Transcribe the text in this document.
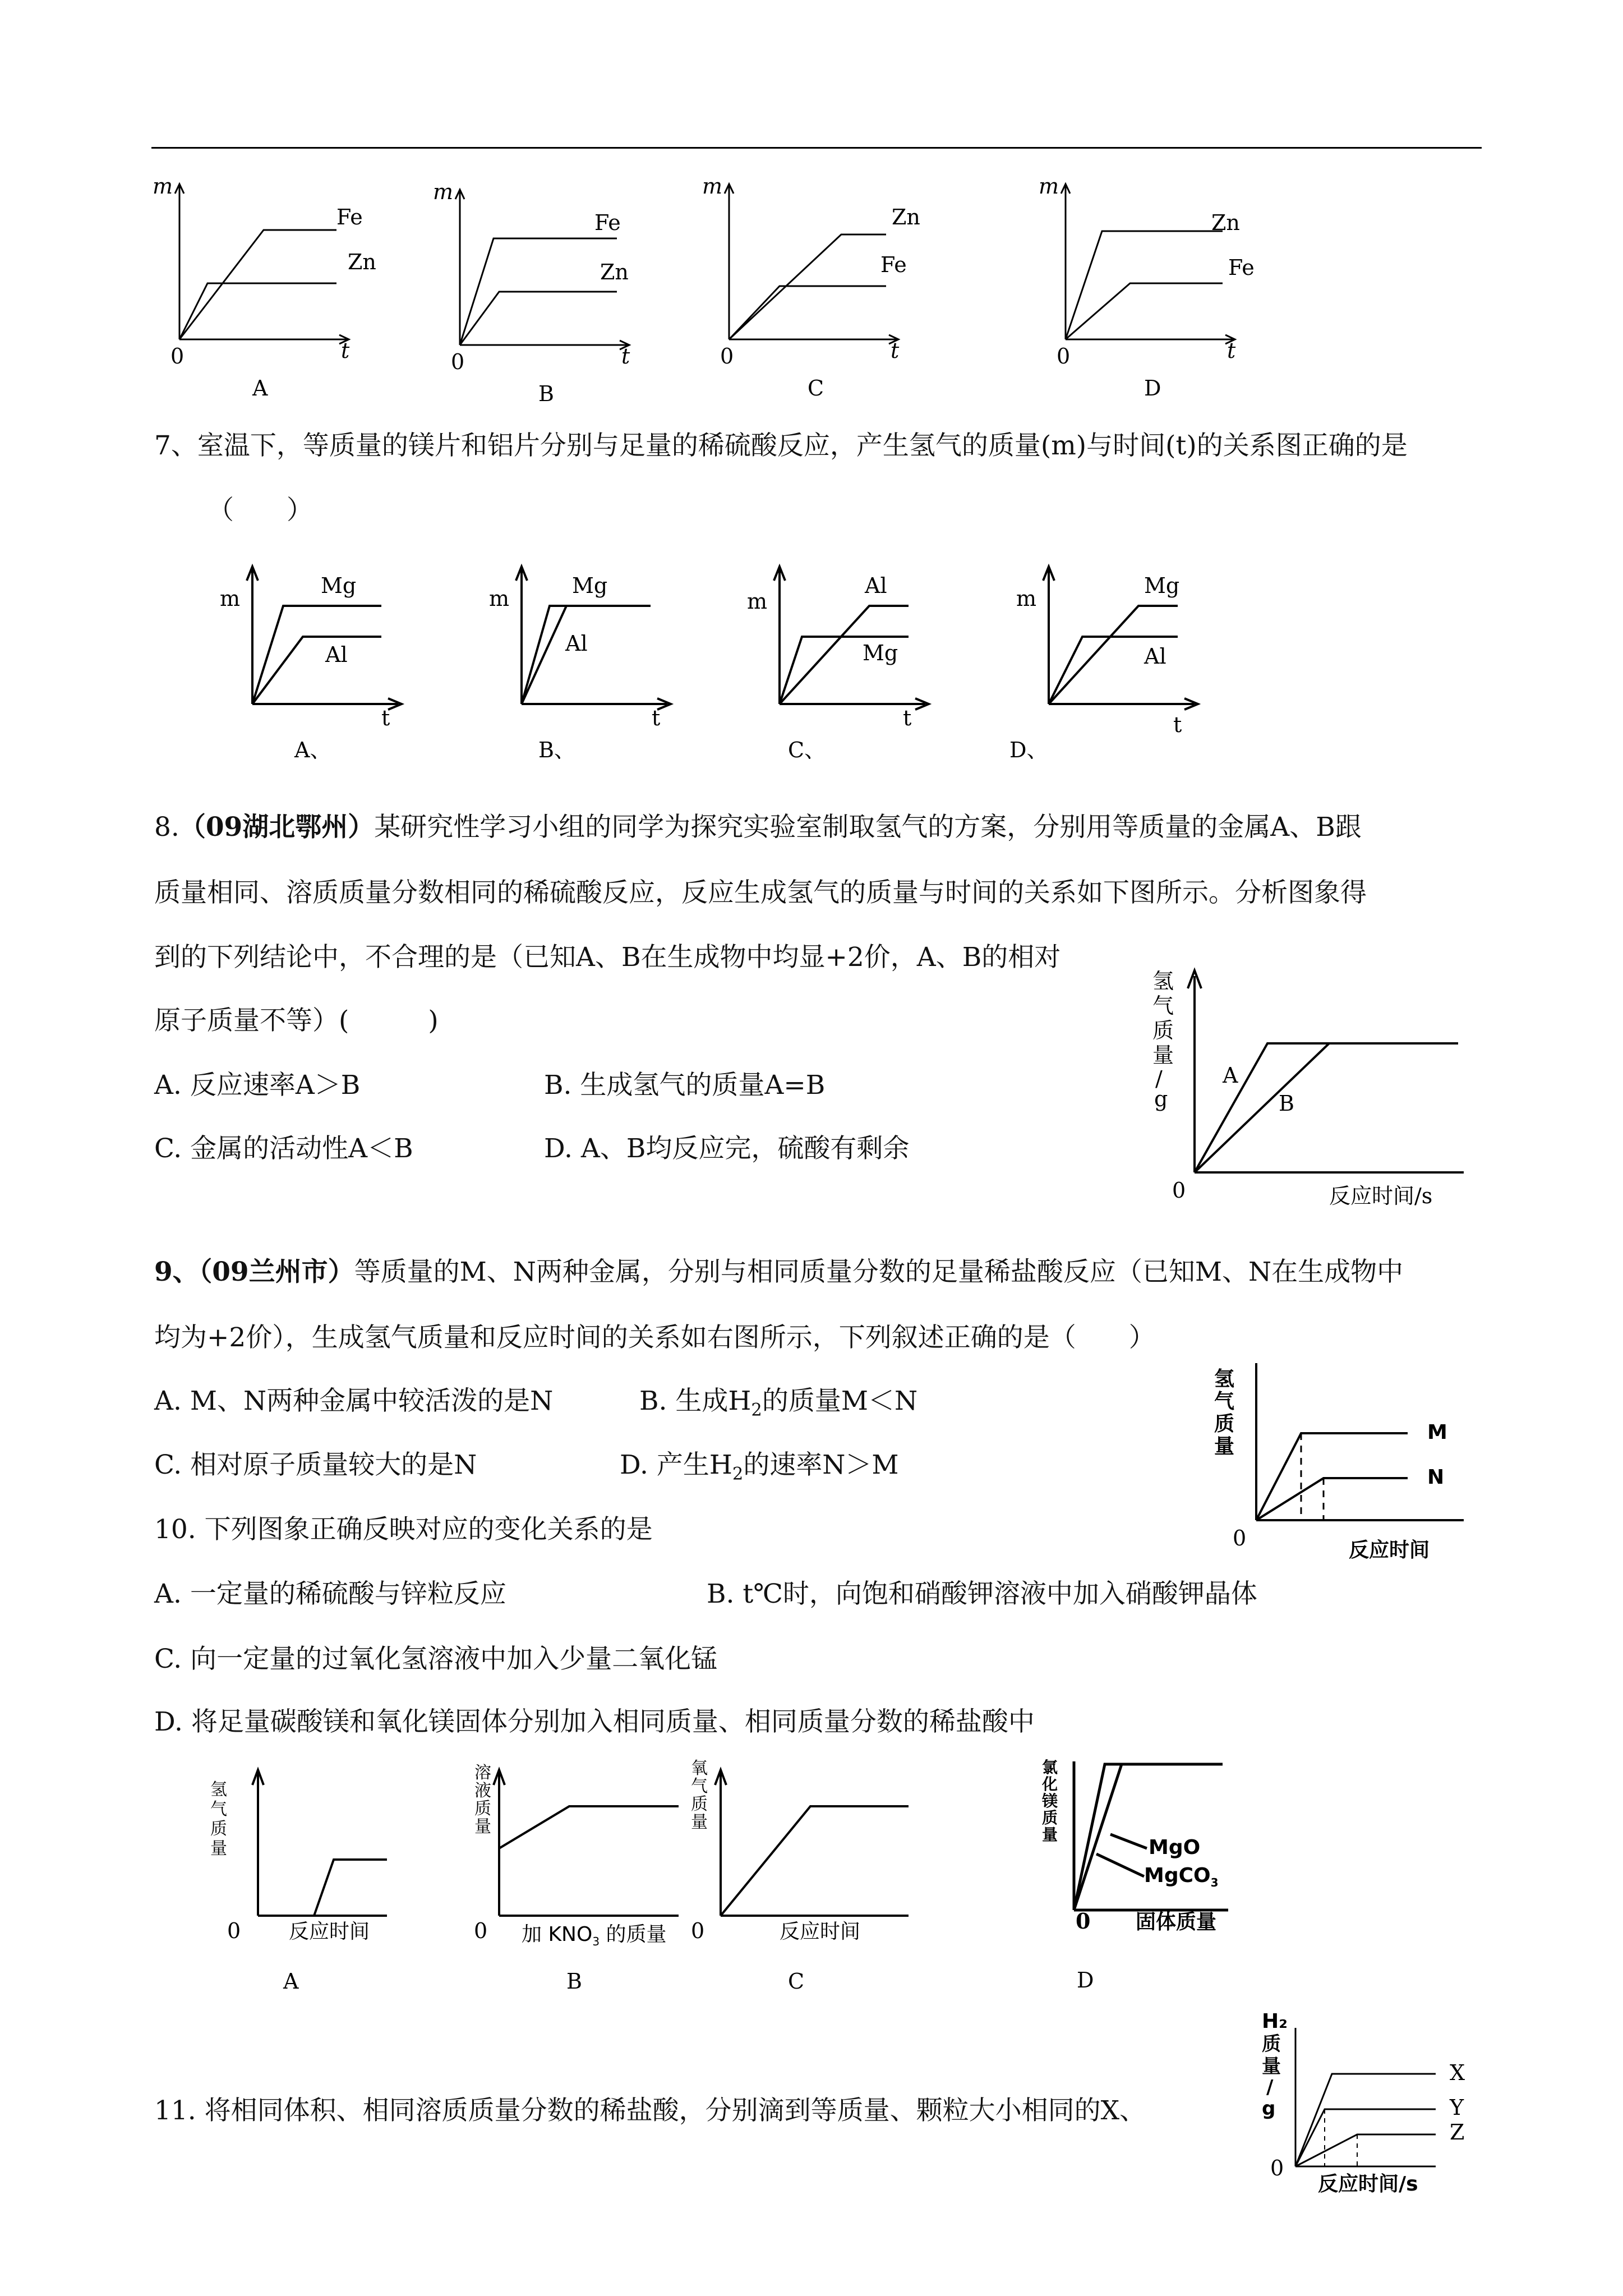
m
t
0
Fe
Zn
A
m
t
0
Fe
Zn
B
m
t
0
Zn
Fe
C
m
t
0
Zn
Fe
D
7、室温下，等质量的镁片和铝片分别与足量的稀硫酸反应，产生氢气的质量(m)与时间(t)的关系图正确的是
（　　）
m
t
Mg
Al
A、
m
t
Mg
Al
B、
m
t
Al
Mg
C、
m
t
Mg
Al
D、
8.（09湖北鄂州）某研究性学习小组的同学为探究实验室制取氢气的方案，分别用等质量的金属A、B跟
质量相同、溶质质量分数相同的稀硫酸反应，反应生成氢气的质量与时间的关系如下图所示。分析图象得
到的下列结论中，不合理的是（已知A、B在生成物中均显+2价，A、B的相对
原子质量不等）(　　　)
A. 反应速率A＞B	B. 生成氢气的质量A=B
C. 金属的活动性A＜B	D. A、B均反应完，硫酸有剩余
氢
气
质
量
/
g
A
B
0	反应时间/s
9、（09兰州市）等质量的M、N两种金属，分别与相同质量分数的足量稀盐酸反应（已知M、N在生成物中
均为+2价），生成氢气质量和反应时间的关系如右图所示，下列叙述正确的是（　　）
A. M、N两种金属中较活泼的是N	B. 生成$H_2$的质量M＜N
C. 相对原子质量较大的是N	D. 产生$H_2$的速率N＞M
氢
气
质
量
M
N
0	反应时间
10. 下列图象正确反映对应的变化关系的是
A. 一定量的稀硫酸与锌粒反应	B. t℃时，向饱和硝酸钾溶液中加入硝酸钾晶体
C. 向一定量的过氧化氢溶液中加入少量二氧化锰
D. 将足量碳酸镁和氧化镁固体分别加入相同质量、相同质量分数的稀盐酸中
氢
气
质
量
0 反应时间
A
溶
液
质
量
0 加 $KNO_3$ 的质量
B
氧
气
质
量
0	反应时间
C
氯
化
镁
质
量
MgO
MgCO$_3$
0 固体质量
D
11. 将相同体积、相同溶质质量分数的稀盐酸，分别滴到等质量、颗粒大小相同的X、
H₂
质
量
/
g
X
Y
Z
0
反应时间/s
